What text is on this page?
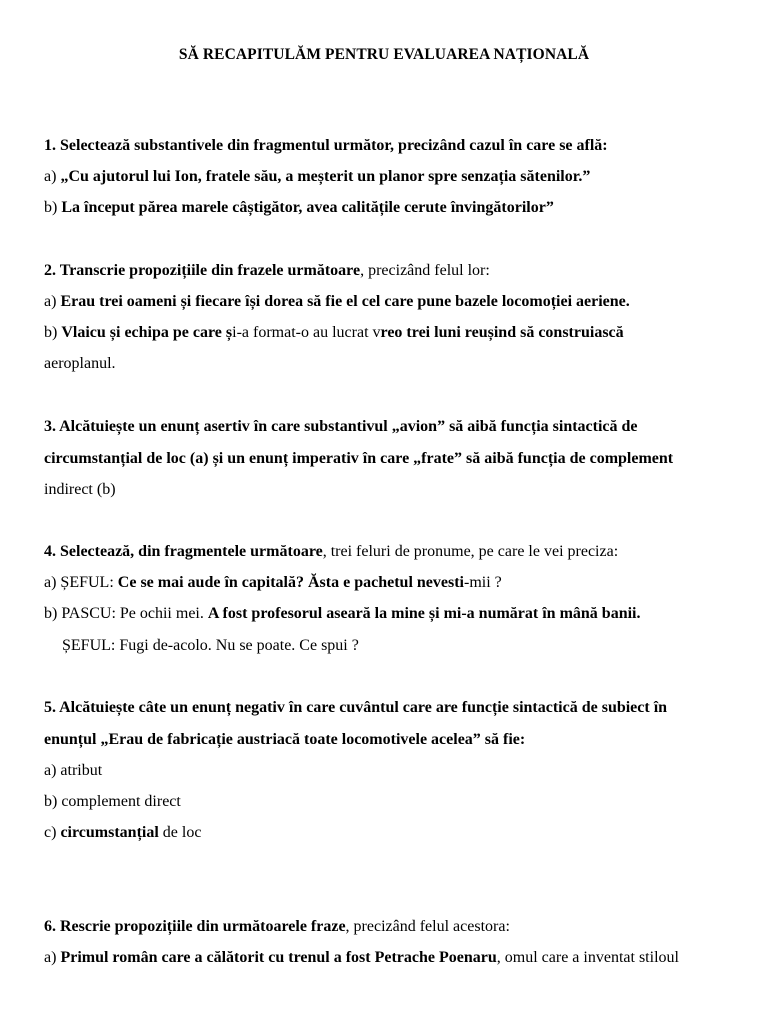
SĂ RECAPITULĂM PENTRU EVALUAREA NAȚIONALĂ
1. Selectează substantivele din fragmentul următor, precizând cazul în care se află:
a) „Cu ajutorul lui Ion, fratele său, a meșterit un planor spre senzația sătenilor.”
b) La început părea marele câștigător, avea calitățile cerute învingătorilor”
2. Transcrie propozițiile din frazele următoare, precizând felul lor:
a) Erau trei oameni și fiecare își dorea să fie el cel care pune bazele locomoției aeriene.
b) Vlaicu și echipa pe care și-a format-o au lucrat vreo trei luni reușind să construiască
aeroplanul.
3. Alcătuiește un enunț asertiv în care substantivul „avion” să aibă funcția sintactică de
circumstanțial de loc (a) și un enunț imperativ în care „frate” să aibă funcția de complement
indirect (b)
4. Selectează, din fragmentele următoare, trei feluri de pronume, pe care le vei preciza:
a) ȘEFUL: Ce se mai aude în capitală? Ăsta e pachetul nevesti-mii ?
b) PASCU: Pe ochii mei. A fost profesorul aseară la mine și mi-a numărat în mână banii.
ȘEFUL: Fugi de-acolo. Nu se poate. Ce spui ?
5. Alcătuiește câte un enunț negativ în care cuvântul care are funcție sintactică de subiect în
enunțul „Erau de fabricație austriacă toate locomotivele acelea” să fie:
a) atribut
b) complement direct
c) circumstanțial de loc
6. Rescrie propozițiile din următoarele fraze, precizând felul acestora:
a) Primul român care a călătorit cu trenul a fost Petrache Poenaru, omul care a inventat stiloul
